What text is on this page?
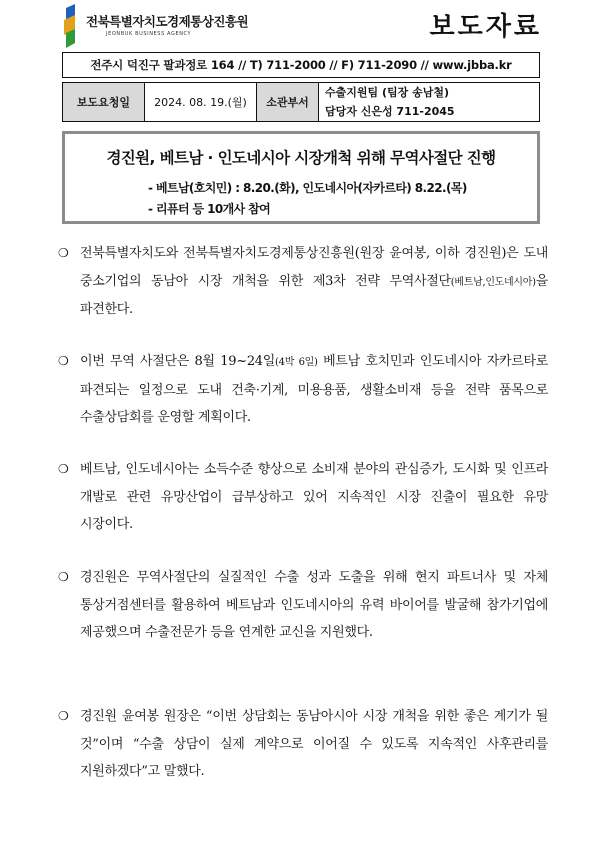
전북특별자치도경제통상진흥원
JEONBUK BUSINESS AGENCY	보도자료
전주시 덕진구 팔과정로 164 // T) 711-2000 // F) 711-2090 // www.jbba.kr
보도요청일	2024. 08. 19.(월)	소관부서	
수출지원팀 (팀장 송남철)
담당자 신은성 711-2045
경진원, 베트남 · 인도네시아 시장개척 위해 무역사절단 진행
- 베트남(호치민) : 8.20.(화), 인도네시아(자카르타) 8.22.(목)
- 리퓨터 등 10개사 참여
❍ 전북특별자치도와 전북특별자치도경제통상진흥원(원장 윤여봉, 이하 경진원)은 도내 중소기업의 동남아 시장 개척을 위한 제3차 전략 무역사절단(베트남,인도네시아)을 파견한다.
❍ 이번 무역 사절단은 8월 19~24일(4박 6일) 베트남 호치민과 인도네시아 자카르타로 파견되는 일정으로 도내 건축·기계, 미용용품, 생활소비재 등을 전략 품목으로 수출상담회를 운영할 계획이다.
❍ 베트남, 인도네시아는 소득수준 향상으로 소비재 분야의 관심증가, 도시화 및 인프라 개발로 관련 유망산업이 급부상하고 있어 지속적인 시장 진출이 필요한 유망 시장이다.
❍ 경진원은 무역사절단의 실질적인 수출 성과 도출을 위해 현지 파트너사 및 자체 통상거점센터를 활용하여 베트남과 인도네시아의 유력 바이어를 발굴해 참가기업에 제공했으며 수출전문가 등을 연계한 교신을 지원했다.
❍ 경진원 윤여봉 원장은 “이번 상담회는 동남아시아 시장 개척을 위한 좋은 계기가 될 것”이며 “수출 상담이 실제 계약으로 이어질 수 있도록 지속적인 사후관리를 지원하겠다”고 말했다.
